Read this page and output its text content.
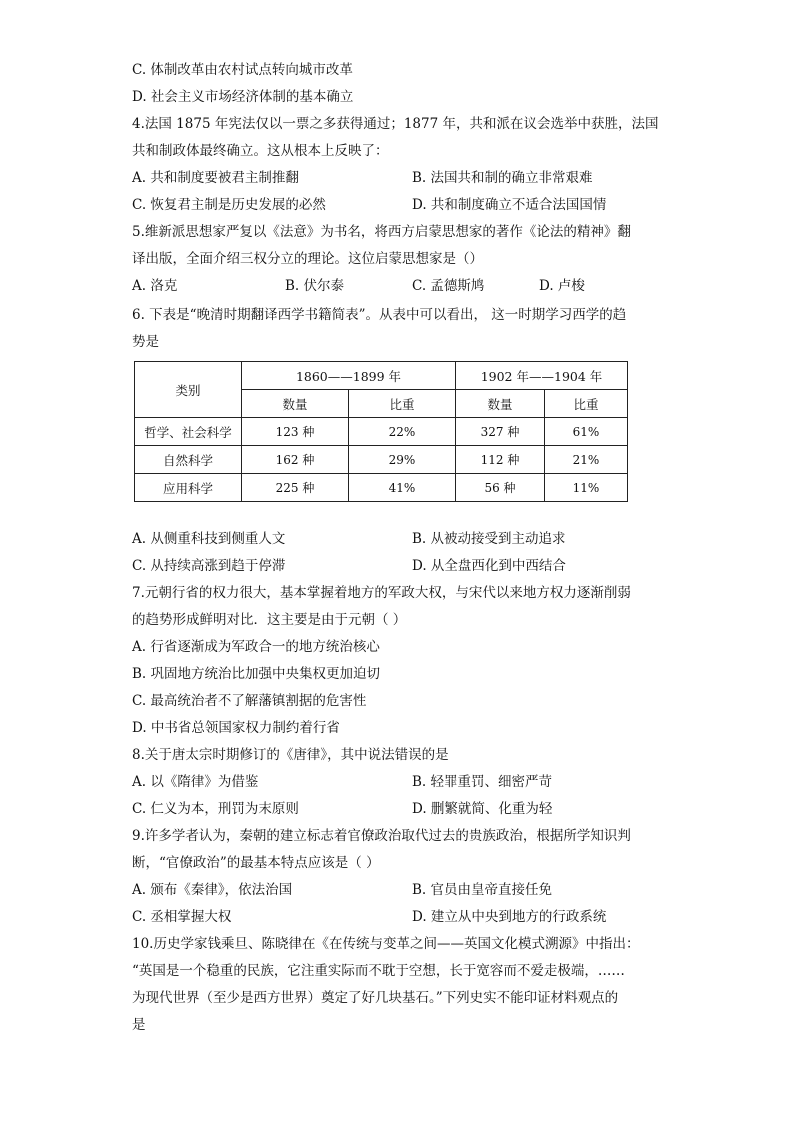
C. 体制改革由农村试点转向城市改革
D. 社会主义市场经济体制的基本确立
4.法国 1875 年宪法仅以一票之多获得通过；1877 年，共和派在议会选举中获胜，法国
共和制政体最终确立。这从根本上反映了：
A. 共和制度要被君主制推翻	B. 法国共和制的确立非常艰难
C. 恢复君主制是历史发展的必然	D. 共和制度确立不适合法国国情
5.维新派思想家严复以《法意》为书名，将西方启蒙思想家的著作《论法的精神》翻
译出版，全面介绍三权分立的理论。这位启蒙思想家是（）
A. 洛克	B. 伏尔泰	C. 孟德斯鸠	D. 卢梭
6. 下表是“晚清时期翻译西学书籍简表”。从表中可以看出， 这一时期学习西学的趋
势是
类别	1860——1899 年		1902 年——1904 年	
	数量	比重	数量	比重
哲学、社会科学	123 种	22%	327 种	61%
自然科学	162 种	29%	112 种	21%
应用科学	225 种	41%	56 种	11%
A. 从侧重科技到侧重人文	B. 从被动接受到主动追求
C. 从持续高涨到趋于停滞	D. 从全盘西化到中西结合
7.元朝行省的权力很大，基本掌握着地方的军政大权，与宋代以来地方权力逐渐削弱
的趋势形成鲜明对比．这主要是由于元朝（ ）
A. 行省逐渐成为军政合一的地方统治核心
B. 巩固地方统治比加强中央集权更加迫切
C. 最高统治者不了解藩镇割据的危害性
D. 中书省总领国家权力制约着行省
8.关于唐太宗时期修订的《唐律》，其中说法错误的是
A. 以《隋律》为借鉴	B. 轻罪重罚、细密严苛
C. 仁义为本，刑罚为末原则	D. 删繁就简、化重为轻
9.许多学者认为，秦朝的建立标志着官僚政治取代过去的贵族政治，根据所学知识判
断，“官僚政治”的最基本特点应该是（ ）
A. 颁布《秦律》，依法治国	B. 官员由皇帝直接任免
C. 丞相掌握大权	D. 建立从中央到地方的行政系统
10.历史学家钱乘旦、陈晓律在《在传统与变革之间——英国文化模式溯源》中指出：
“英国是一个稳重的民族，它注重实际而不耽于空想，长于宽容而不爱走极端，……
为现代世界（至少是西方世界）奠定了好几块基石。”下列史实不能印证材料观点的
是
